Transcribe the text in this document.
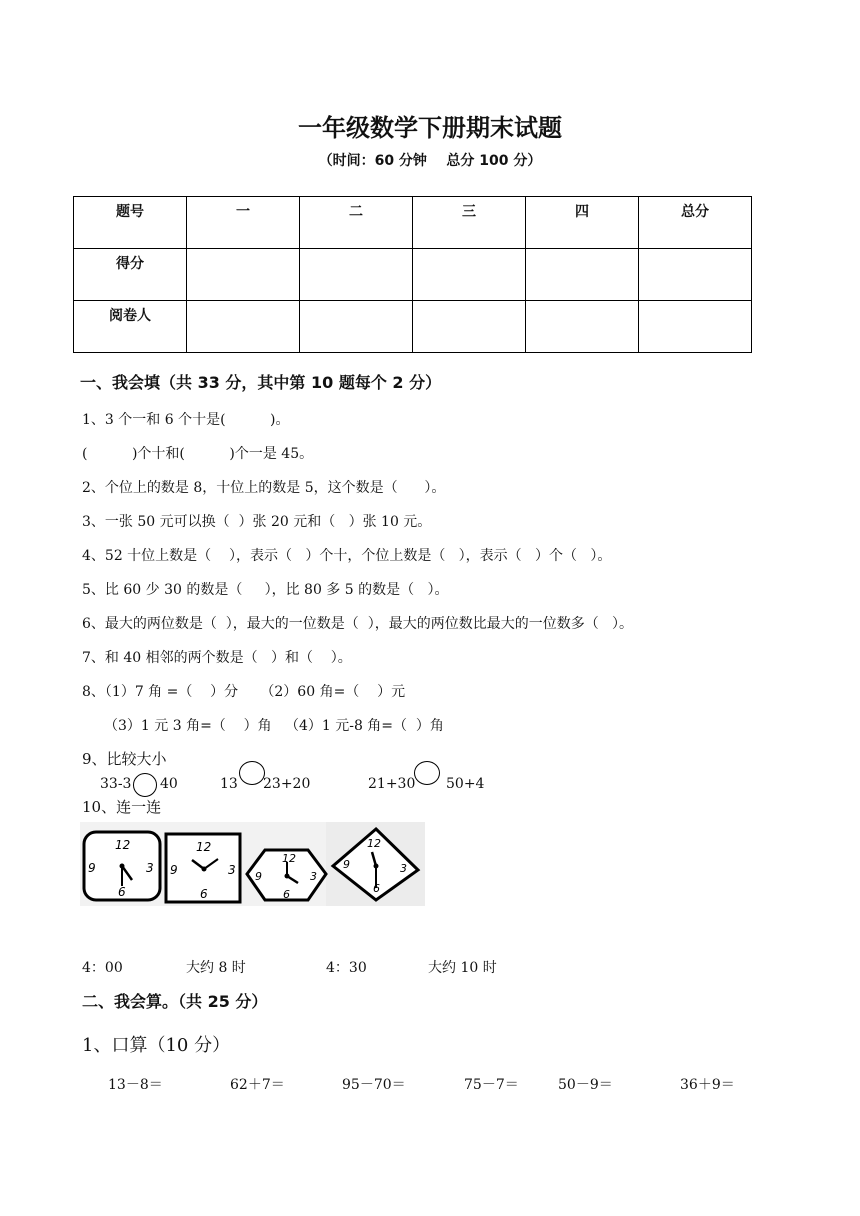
一年级数学下册期末试题
（时间：60 分钟    总分 100 分）
题号	一	二	三	四	总分
得分					
阅卷人					
一、我会填（共 33 分，其中第 10 题每个 2 分）
1、3 个一和 6 个十是(          )。
(          )个十和(          )个一是 45。
2、个位上的数是 8，十位上的数是 5，这个数是（      ）。
3、一张 50 元可以换（  ）张 20 元和（   ）张 10 元。
4、52 十位上数是（    ），表示（   ）个十，个位上数是（   ），表示（   ）个（   ）。
5、比 60 少 30 的数是（     ），比 80 多 5 的数是（   ）。
6、最大的两位数是（  ），最大的一位数是（  ），最大的两位数比最大的一位数多（   ）。
7、和 40 相邻的两个数是（   ）和（    ）。
8、（1）7 角 =（    ）分     （2）60 角=（    ）元
（3）1 元 3 角=（    ）角   （4）1 元-8 角=（  ）角
9、比较大小
33-3 40	13 23+20	21+30 50+4
10、连一连
12
3
6
9
12
3
6
9
12
3
6
9
12
3
6
9
4：00	大约 8 时	4：30	大约 10 时
二、我会算。（共 25 分）
1、口算（10 分）
13－8＝	62＋7＝	95－70＝	75－7＝	50－9＝	36＋9＝
